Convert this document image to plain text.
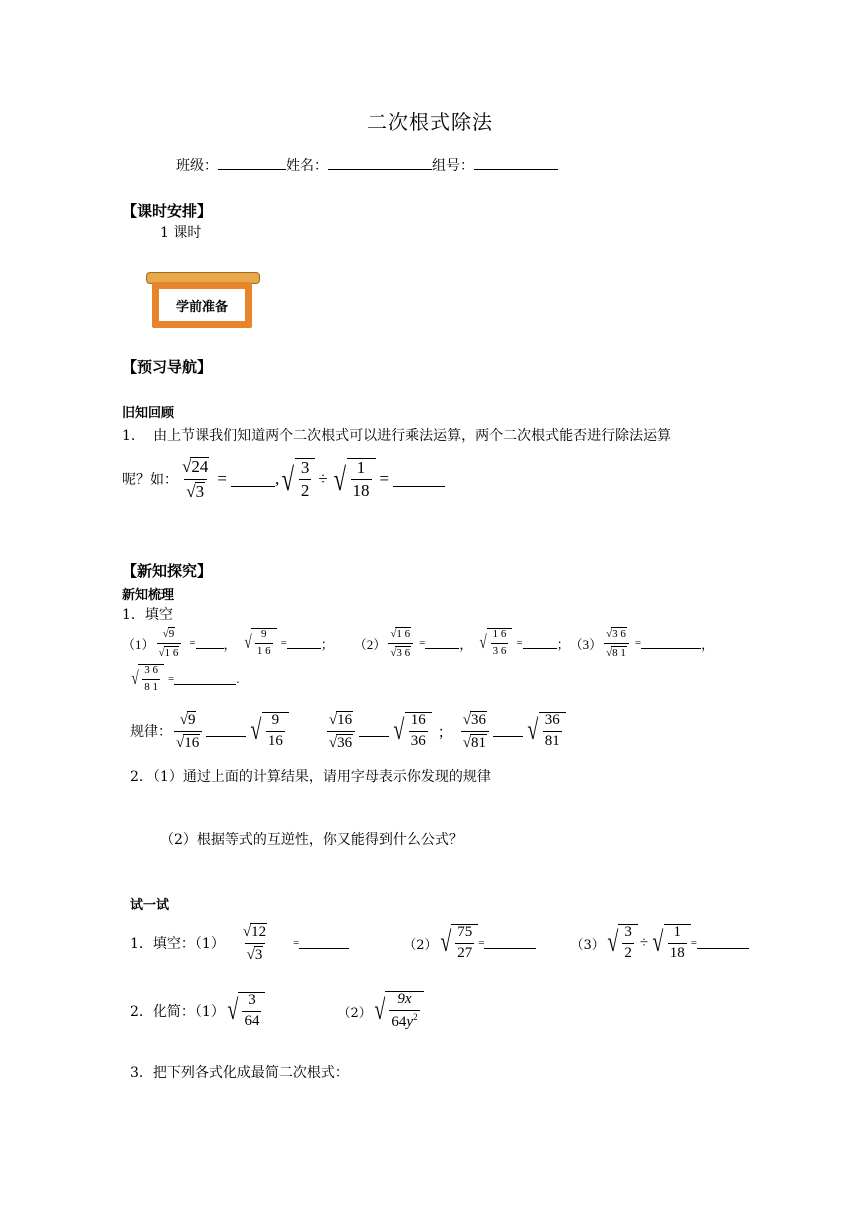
二次根式除法
班级：	姓名：	组号：
【课时安排】
1 课时
学前准备
【预习导航】
旧知回顾
1. 由上节课我们知道两个二次根式可以进行乘法运算，两个二次根式能否进行除法运算
呢？如： $\frac{√24}{√3}$ =	, √ $\frac{3}{2}$ ÷ √ $\frac{1}{18}$ =
【新知探究】
新知梳理
1．填空
$(1) \frac{√9}{√1 6}$ = ， √ $\frac{9}{1 6}$ =	； $(2) \frac{√1 6}{√3 6}$ =	， √ $\frac{1 6}{3 6}$ =	； $(3) \frac{√3 6}{√8 1}$ =	，
√ $\frac{3 6}{8 1}$ =	.
规律：
√9
√16 √ $\frac{9}{16}$	√16
√36 √ $\frac{16}{36}$ ；
√36
√81 √ $\frac{36}{81}$
2．（1）通过上面的计算结果，请用字母表示你发现的规律
（2）根据等式的互逆性，你又能得到什么公式？
试一试
1．填空：（1）
√12
√3
=	（2） √ $\frac{75}{27}$ =	（3） √ $\frac{3}{2}$ ÷ √ $\frac{1}{18}$ =
2．化简：（1） √ $\frac{3}{64}$	（2） √ $\frac{9x}{64y^2}$
3．把下列各式化成最简二次根式：
